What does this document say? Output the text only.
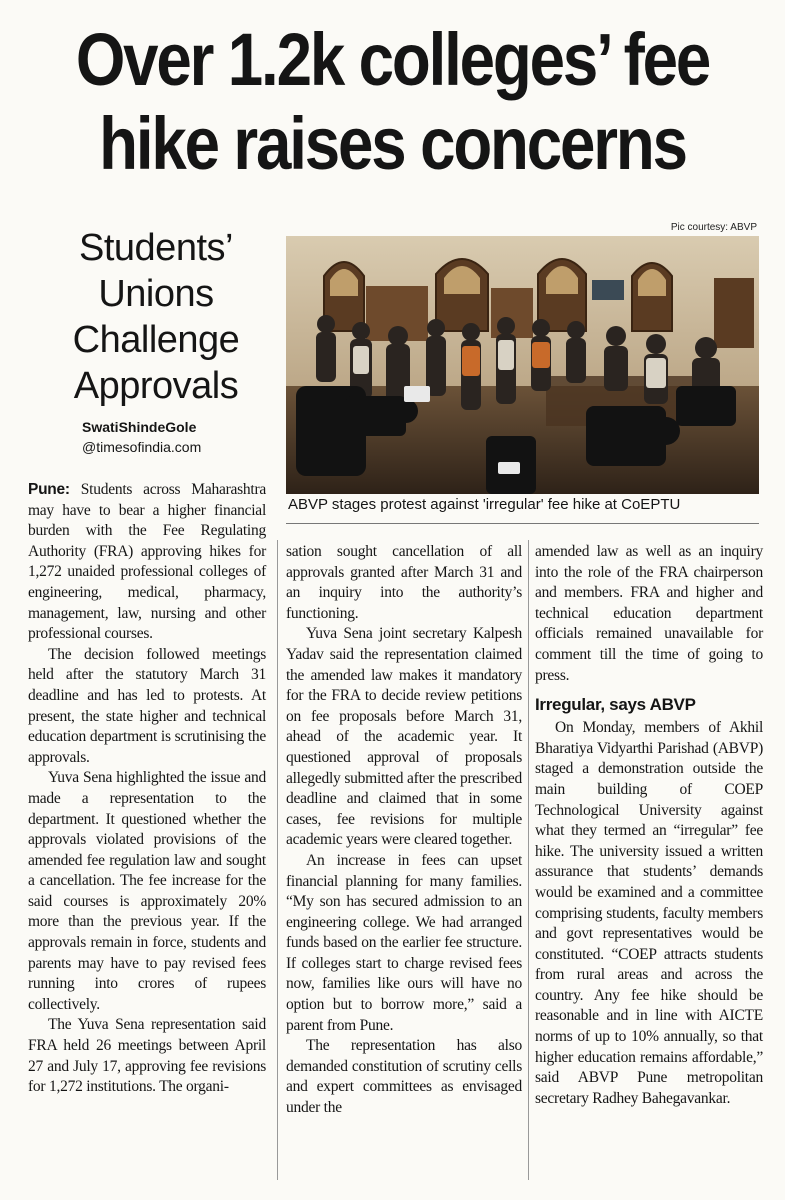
Over 1.2k colleges’ fee
hike raises concerns
Students’ Unions Challenge Approvals
SwatiShindeGole
@timesofindia.com
Pic courtesy: ABVP
ABVP stages protest against 'irregular' fee hike at CoEPTU

Pune: Students across Maharashtra may have to bear a higher financial burden with the Fee Regulating Authority (FRA) approving hikes for 1,272 unaided professional colleges of engineering, medical, pharmacy, management, law, nursing and other professional courses.

The decision followed meetings held after the statutory March 31 deadline and has led to protests. At present, the state higher and technical education department is scrutinising the approvals.

Yuva Sena highlighted the issue and made a representation to the department. It questioned whether the approvals violated provisions of the amended fee regulation law and sought a cancellation. The fee increase for the said courses is approximately 20% more than the previous year. If the approvals remain in force, students and parents may have to pay revised fees running into crores of rupees collectively.

The Yuva Sena representation said FRA held 26 meetings between April 27 and July 17, approving fee revisions for 1,272 institutions. The organi-

sation sought cancellation of all approvals granted after March 31 and an inquiry into the authority’s functioning.

Yuva Sena joint secretary Kalpesh Yadav said the representation claimed the amended law makes it mandatory for the FRA to decide review petitions on fee proposals before March 31, ahead of the academic year. It questioned approval of proposals allegedly submitted after the prescribed deadline and claimed that in some cases, fee revisions for multiple academic years were cleared together.

An increase in fees can upset financial planning for many families. “My son has secured admission to an engineering college. We had arranged funds based on the earlier fee structure. If colleges start to charge revised fees now, families like ours will have no option but to borrow more,” said a parent from Pune.

The representation has also demanded constitution of scrutiny cells and expert committees as envisaged under the

amended law as well as an inquiry into the role of the FRA chairperson and members. FRA and higher and technical education department officials remained unavailable for comment till the time of going to press.

Irregular, says ABVP

On Monday, members of Akhil Bharatiya Vidyarthi Parishad (ABVP) staged a demonstration outside the main building of COEP Technological University against what they termed an “irregular” fee hike. The university issued a written assurance that students’ demands would be examined and a committee comprising students, faculty members and govt representatives would be constituted. “COEP attracts students from rural areas and across the country. Any fee hike should be reasonable and in line with AICTE norms of up to 10% annually, so that higher education remains affordable,” said ABVP Pune metropolitan secretary Radhey Bahegavankar.
